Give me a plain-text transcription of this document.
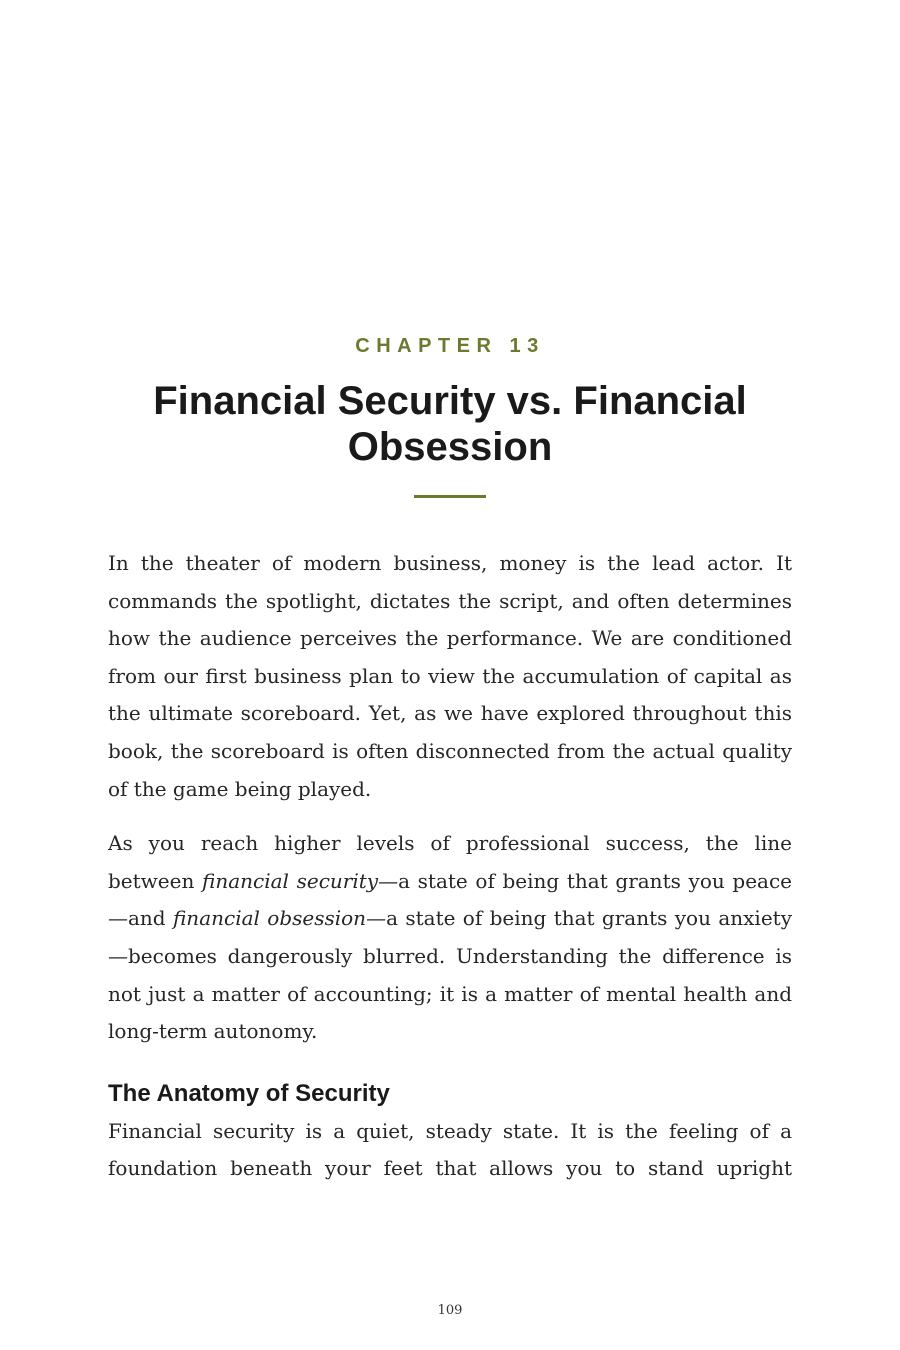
CHAPTER 13
Financial Security vs. Financial Obsession

In the theater of modern business, money is the lead actor. It commands the spotlight, dictates the script, and often determines how the audience perceives the performance. We are conditioned from our first business plan to view the accumulation of capital as the ultimate scoreboard. Yet, as we have explored throughout this book, the scoreboard is often disconnected from the actual quality of the game being played.

As you reach higher levels of professional success, the line between financial security—a state of being that grants you peace—and financial obsession—a state of being that grants you anxiety—becomes dangerously blurred. Understanding the difference is not just a matter of accounting; it is a matter of mental health and long-term autonomy.

The Anatomy of Security

Financial security is a quiet, steady state. It is the feeling of a foundation beneath your feet that allows you to stand upright

109
